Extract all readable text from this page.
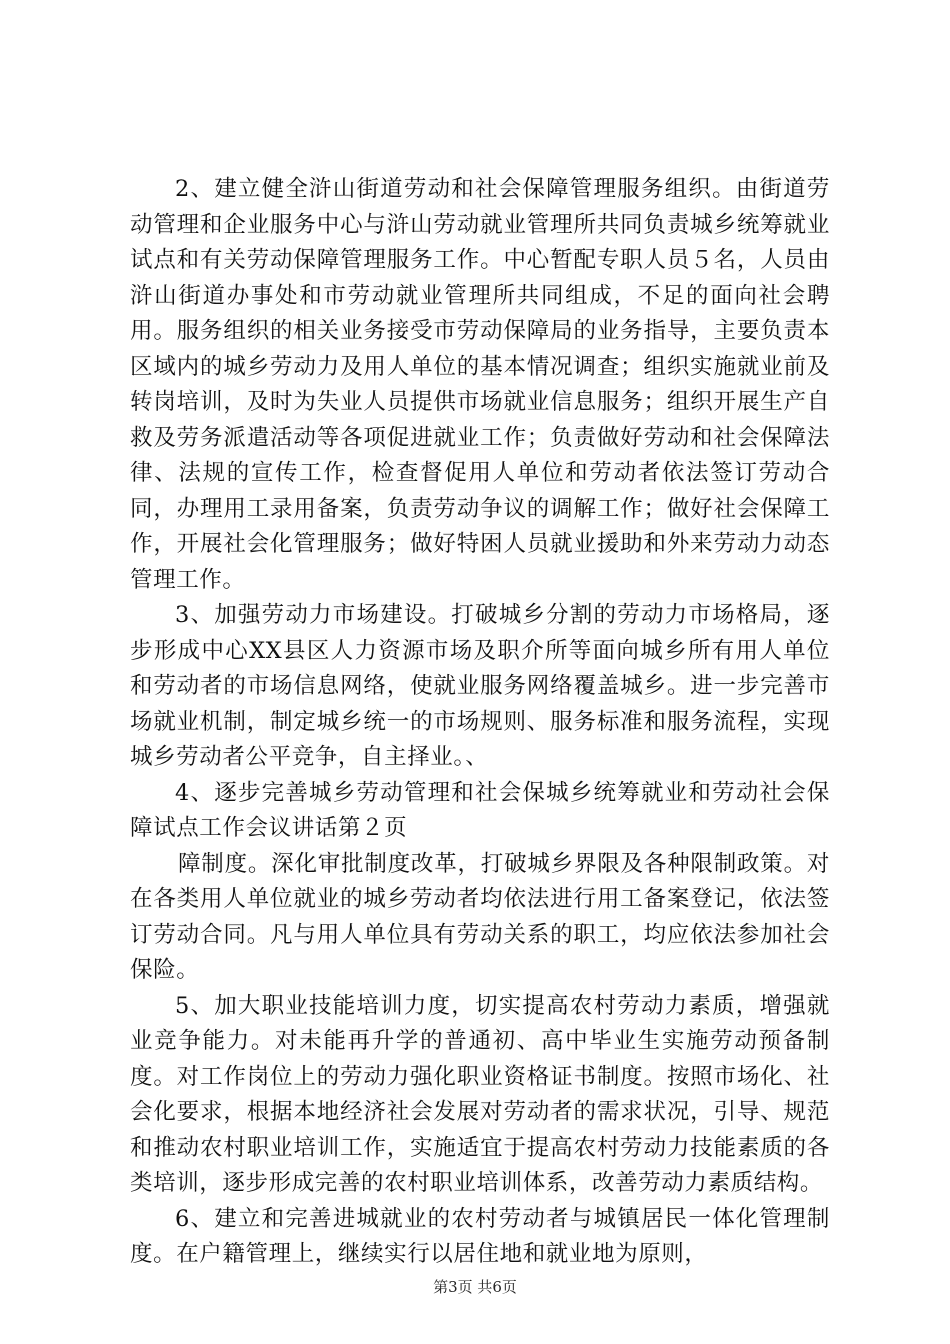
2、建立健全浒山街道劳动和社会保障管理服务组织。由街道劳动管理和企业服务中心与浒山劳动就业管理所共同负责城乡统筹就业试点和有关劳动保障管理服务工作。中心暂配专职人员５名，人员由浒山街道办事处和市劳动就业管理所共同组成，不足的面向社会聘用。服务组织的相关业务接受市劳动保障局的业务指导，主要负责本区域内的城乡劳动力及用人单位的基本情况调查；组织实施就业前及转岗培训，及时为失业人员提供市场就业信息服务；组织开展生产自救及劳务派遣活动等各项促进就业工作；负责做好劳动和社会保障法律、法规的宣传工作，检查督促用人单位和劳动者依法签订劳动合同，办理用工录用备案，负责劳动争议的调解工作；做好社会保障工作，开展社会化管理服务；做好特困人员就业援助和外来劳动力动态管理工作。

3、加强劳动力市场建设。打破城乡分割的劳动力市场格局，逐步形成中心XX县区人力资源市场及职介所等面向城乡所有用人单位和劳动者的市场信息网络，使就业服务网络覆盖城乡。进一步完善市场就业机制，制定城乡统一的市场规则、服务标准和服务流程，实现城乡劳动者公平竞争，自主择业。、

4、逐步完善城乡劳动管理和社会保城乡统筹就业和劳动社会保障试点工作会议讲话第２页

障制度。深化审批制度改革，打破城乡界限及各种限制政策。对在各类用人单位就业的城乡劳动者均依法进行用工备案登记，依法签订劳动合同。凡与用人单位具有劳动关系的职工，均应依法参加社会保险。

5、加大职业技能培训力度，切实提高农村劳动力素质，增强就业竞争能力。对未能再升学的普通初、高中毕业生实施劳动预备制度。对工作岗位上的劳动力强化职业资格证书制度。按照市场化、社会化要求，根据本地经济社会发展对劳动者的需求状况，引导、规范和推动农村职业培训工作，实施适宜于提高农村劳动力技能素质的各类培训，逐步形成完善的农村职业培训体系，改善劳动力素质结构。

6、建立和完善进城就业的农村劳动者与城镇居民一体化管理制度。在户籍管理上，继续实行以居住地和就业地为原则，

第3页 共6页
